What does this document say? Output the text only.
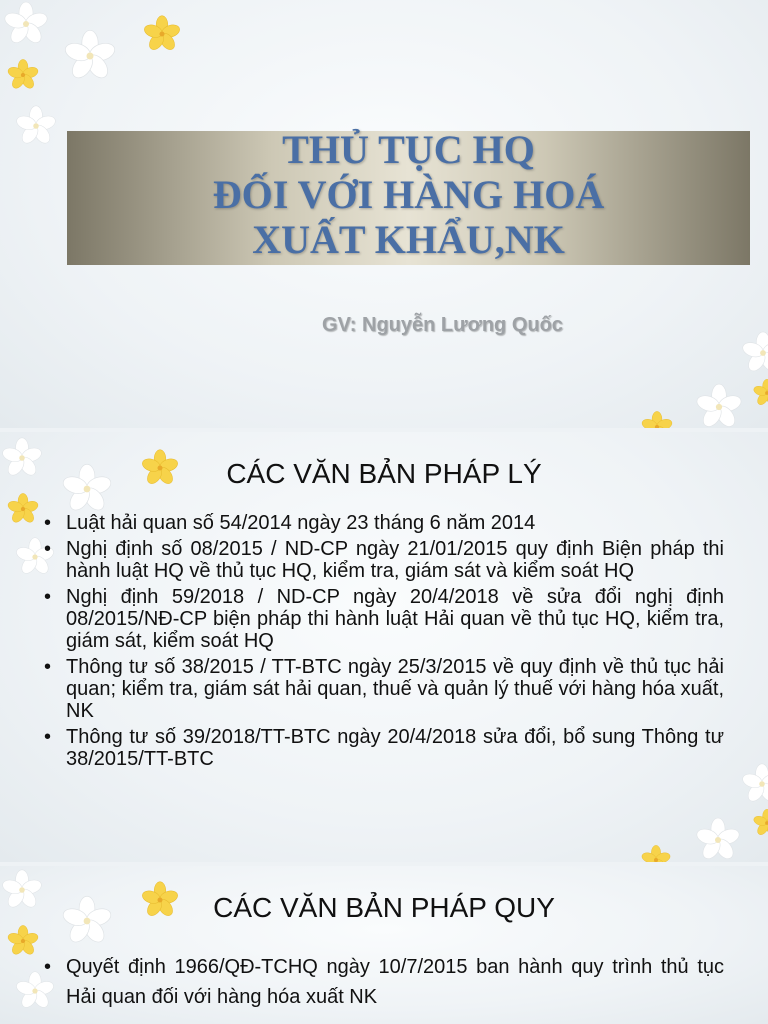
THỦ TỤC HQ
ĐỐI VỚI HÀNG HOÁ
XUẤT KHẨU,NK
GV: Nguyễn Lương Quốc
CÁC VĂN BẢN PHÁP LÝ
• Luật hải quan số 54/2014 ngày 23 tháng 6 năm 2014
• Nghị định số 08/2015 / ND-CP ngày 21/01/2015 quy định Biện pháp thi hành luật HQ về thủ tục HQ, kiểm tra, giám sát và kiểm soát HQ
• Nghị định 59/2018 / ND-CP ngày 20/4/2018 về sửa đổi nghị định 08/2015/NĐ-CP biện pháp thi hành luật Hải quan về thủ tục HQ, kiểm tra, giám sát, kiểm soát HQ
• Thông tư số 38/2015 / TT-BTC ngày 25/3/2015 về quy định về thủ tục hải quan; kiểm tra, giám sát hải quan, thuế và quản lý thuế với hàng hóa xuất, NK
• Thông tư số 39/2018/TT-BTC ngày 20/4/2018 sửa đổi, bổ sung Thông tư 38/2015/TT-BTC
CÁC VĂN BẢN PHÁP QUY
• Quyết định 1966/QĐ-TCHQ ngày 10/7/2015 ban hành quy trình thủ tục Hải quan đối với hàng hóa xuất NK
